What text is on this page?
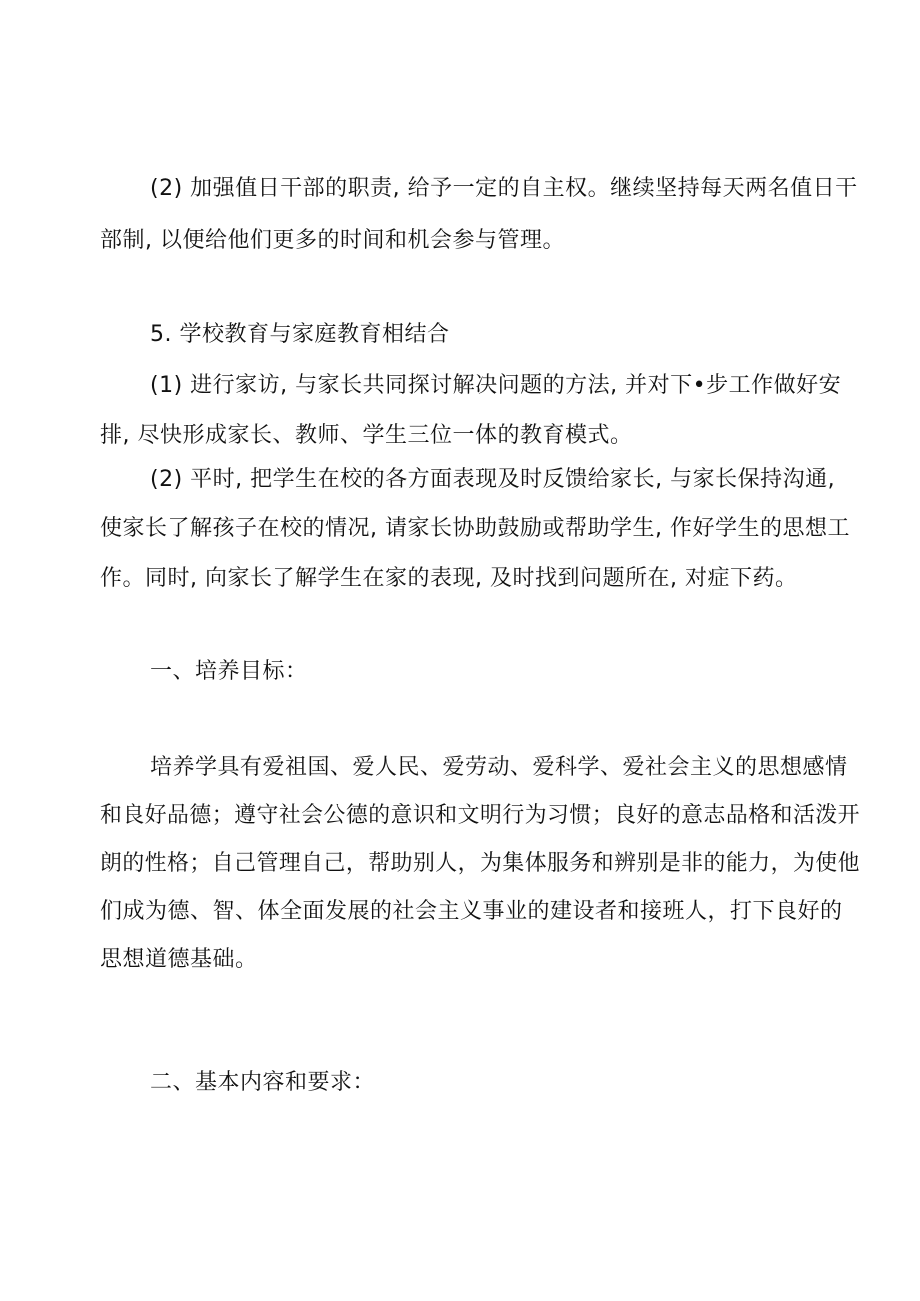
(2) 加强值日干部的职责, 给予一定的自主权。继续坚持每天两名值日干
部制, 以便给他们更多的时间和机会参与管理。
5. 学校教育与家庭教育相结合
(1) 进行家访, 与家长共同探讨解决问题的方法, 并对下•步工作做好安
排, 尽快形成家长、教师、学生三位一体的教育模式。
(2) 平时, 把学生在校的各方面表现及时反馈给家长, 与家长保持沟通,
使家长了解孩子在校的情况, 请家长协助鼓励或帮助学生, 作好学生的思想工
作。同时, 向家长了解学生在家的表现, 及时找到问题所在, 对症下药。
一、培养目标：
培养学具有爱祖国、爱人民、爱劳动、爱科学、爱社会主义的思想感情
和良好品德；遵守社会公德的意识和文明行为习惯；良好的意志品格和活泼开
朗的性格；自己管理自己，帮助别人，为集体服务和辨别是非的能力，为使他
们成为德、智、体全面发展的社会主义事业的建设者和接班人，打下良好的
思想道德基础。
二、基本内容和要求：
